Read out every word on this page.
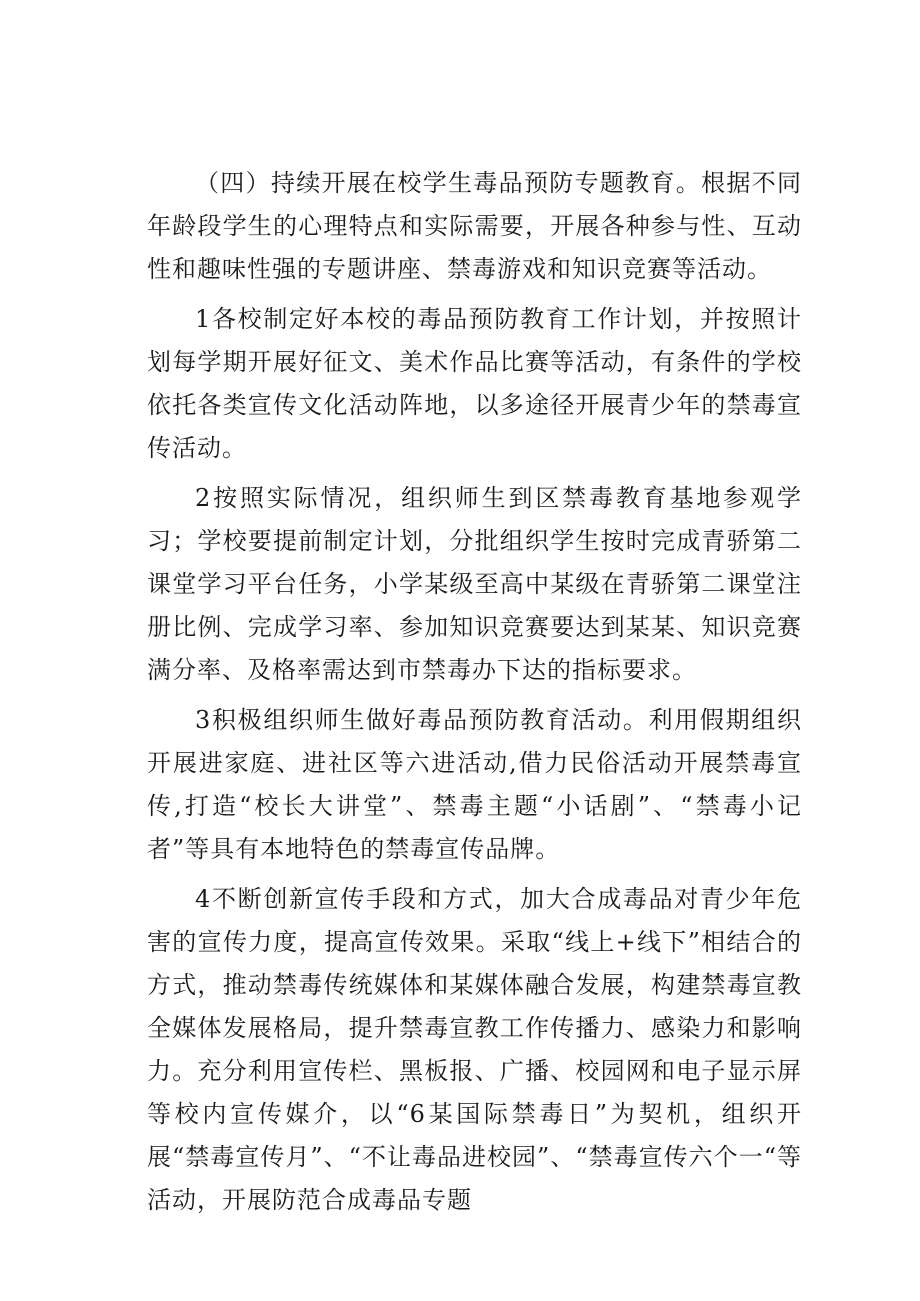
（四）持续开展在校学生毒品预防专题教育。根据不同年龄段学生的心理特点和实际需要，开展各种参与性、互动性和趣味性强的专题讲座、禁毒游戏和知识竞赛等活动。

1各校制定好本校的毒品预防教育工作计划，并按照计划每学期开展好征文、美术作品比赛等活动，有条件的学校依托各类宣传文化活动阵地，以多途径开展青少年的禁毒宣传活动。

2按照实际情况，组织师生到区禁毒教育基地参观学习；学校要提前制定计划，分批组织学生按时完成青骄第二课堂学习平台任务，小学某级至高中某级在青骄第二课堂注册比例、完成学习率、参加知识竞赛要达到某某、知识竞赛满分率、及格率需达到市禁毒办下达的指标要求。

3积极组织师生做好毒品预防教育活动。利用假期组织开展进家庭、进社区等六进活动,借力民俗活动开展禁毒宣传,打造“校长大讲堂”、禁毒主题“小话剧”、“禁毒小记者”等具有本地特色的禁毒宣传品牌。

4不断创新宣传手段和方式，加大合成毒品对青少年危害的宣传力度，提高宣传效果。采取“线上+线下”相结合的方式，推动禁毒传统媒体和某媒体融合发展，构建禁毒宣教全媒体发展格局，提升禁毒宣教工作传播力、感染力和影响力。充分利用宣传栏、黑板报、广播、校园网和电子显示屏等校内宣传媒介，以“6某国际禁毒日”为契机，组织开展“禁毒宣传月”、“不让毒品进校园”、“禁毒宣传六个一“等活动，开展防范合成毒品专题
